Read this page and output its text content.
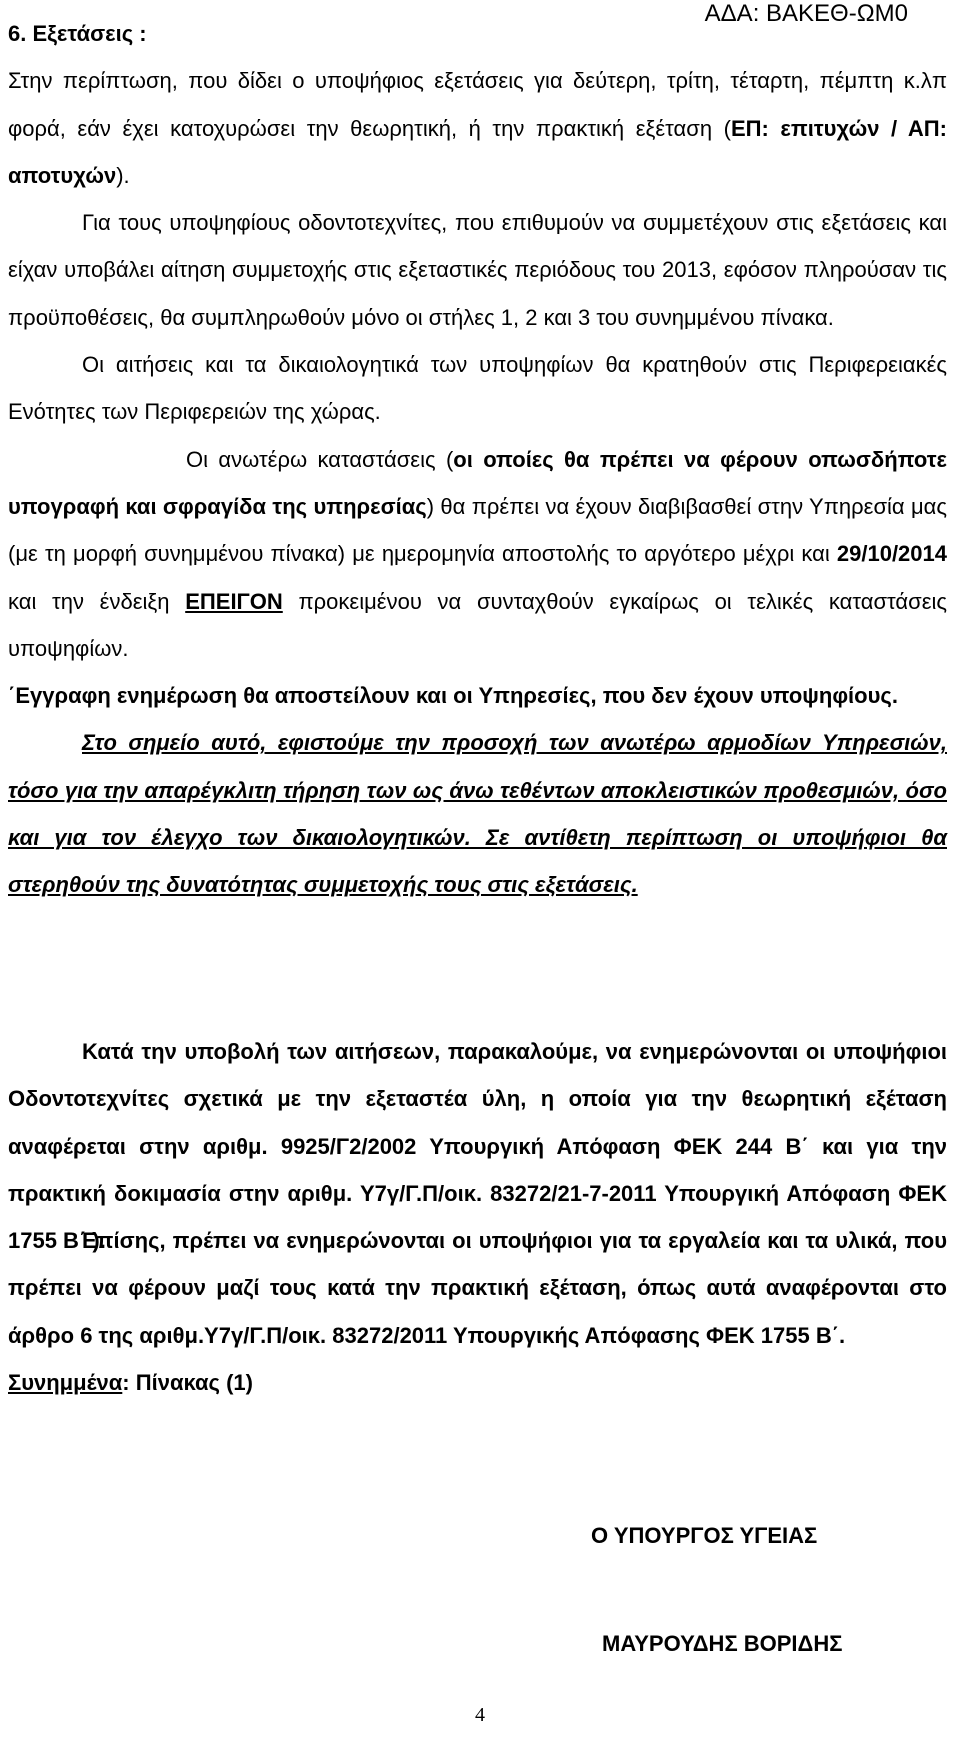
ΑΔΑ: ΒΑΚΕΘ-ΩΜ0

6. Εξετάσεις :

Στην περίπτωση, που δίδει ο υποψήφιος εξετάσεις για δεύτερη, τρίτη, τέταρτη, πέμπτη κ.λπ φορά, εάν έχει κατοχυρώσει την θεωρητική, ή την πρακτική εξέταση (ΕΠ: επιτυχών / ΑΠ: αποτυχών).

Για τους υποψηφίους οδοντοτεχνίτες, που επιθυμούν να συμμετέχουν στις εξετάσεις και είχαν υποβάλει αίτηση συμμετοχής στις εξεταστικές περιόδους του 2013, εφόσον πληρούσαν τις προϋποθέσεις, θα συμπληρωθούν μόνο οι στήλες 1, 2 και 3 του συνημμένου πίνακα.

Οι αιτήσεις και τα δικαιολογητικά των υποψηφίων θα κρατηθούν στις Περιφερειακές Ενότητες των Περιφερειών της χώρας.

Οι ανωτέρω καταστάσεις (οι οποίες θα πρέπει να φέρουν οπωσδήποτε υπογραφή και σφραγίδα της υπηρεσίας) θα πρέπει να έχουν διαβιβασθεί στην Υπηρεσία μας (με τη μορφή συνημμένου πίνακα) με ημερομηνία αποστολής το αργότερο μέχρι και 29/10/2014 και την ένδειξη ΕΠΕΙΓΟΝ προκειμένου να συνταχθούν εγκαίρως οι τελικές καταστάσεις υποψηφίων.

΄Εγγραφη ενημέρωση θα αποστείλουν και οι Υπηρεσίες, που δεν έχουν υποψηφίους.

Στο σημείο αυτό, εφιστούμε την προσοχή των ανωτέρω αρμοδίων Υπηρεσιών, τόσο για την απαρέγκλιτη τήρηση των ως άνω τεθέντων αποκλειστικών προθεσμιών, όσο και για τον έλεγχο των δικαιολογητικών. Σε αντίθετη περίπτωση οι υποψήφιοι θα στερηθούν της δυνατότητας συμμετοχής τους στις εξετάσεις.

Κατά την υποβολή των αιτήσεων, παρακαλούμε, να ενημερώνονται οι υποψήφιοι Οδοντοτεχνίτες σχετικά με την εξεταστέα ύλη, η οποία για την θεωρητική εξέταση αναφέρεται στην αριθμ. 9925/Γ2/2002 Υπουργική Απόφαση ΦΕΚ 244 Β΄ και για την πρακτική δοκιμασία στην αριθμ. Υ7γ/Γ.Π/οικ. 83272/21-7-2011 Υπουργική Απόφαση ΦΕΚ 1755 Β΄ ).

Επίσης, πρέπει να ενημερώνονται οι υποψήφιοι για τα εργαλεία και τα υλικά, που πρέπει να φέρουν μαζί τους κατά την πρακτική εξέταση, όπως αυτά αναφέρονται στο άρθρο 6 της αριθμ.Υ7γ/Γ.Π/οικ. 83272/2011 Υπουργικής Απόφασης ΦΕΚ 1755 Β΄.

Συνημμένα: Πίνακας (1)

Ο ΥΠΟΥΡΓΟΣ ΥΓΕΙΑΣ
ΜΑΥΡΟΥΔΗΣ ΒΟΡΙΔΗΣ
4
